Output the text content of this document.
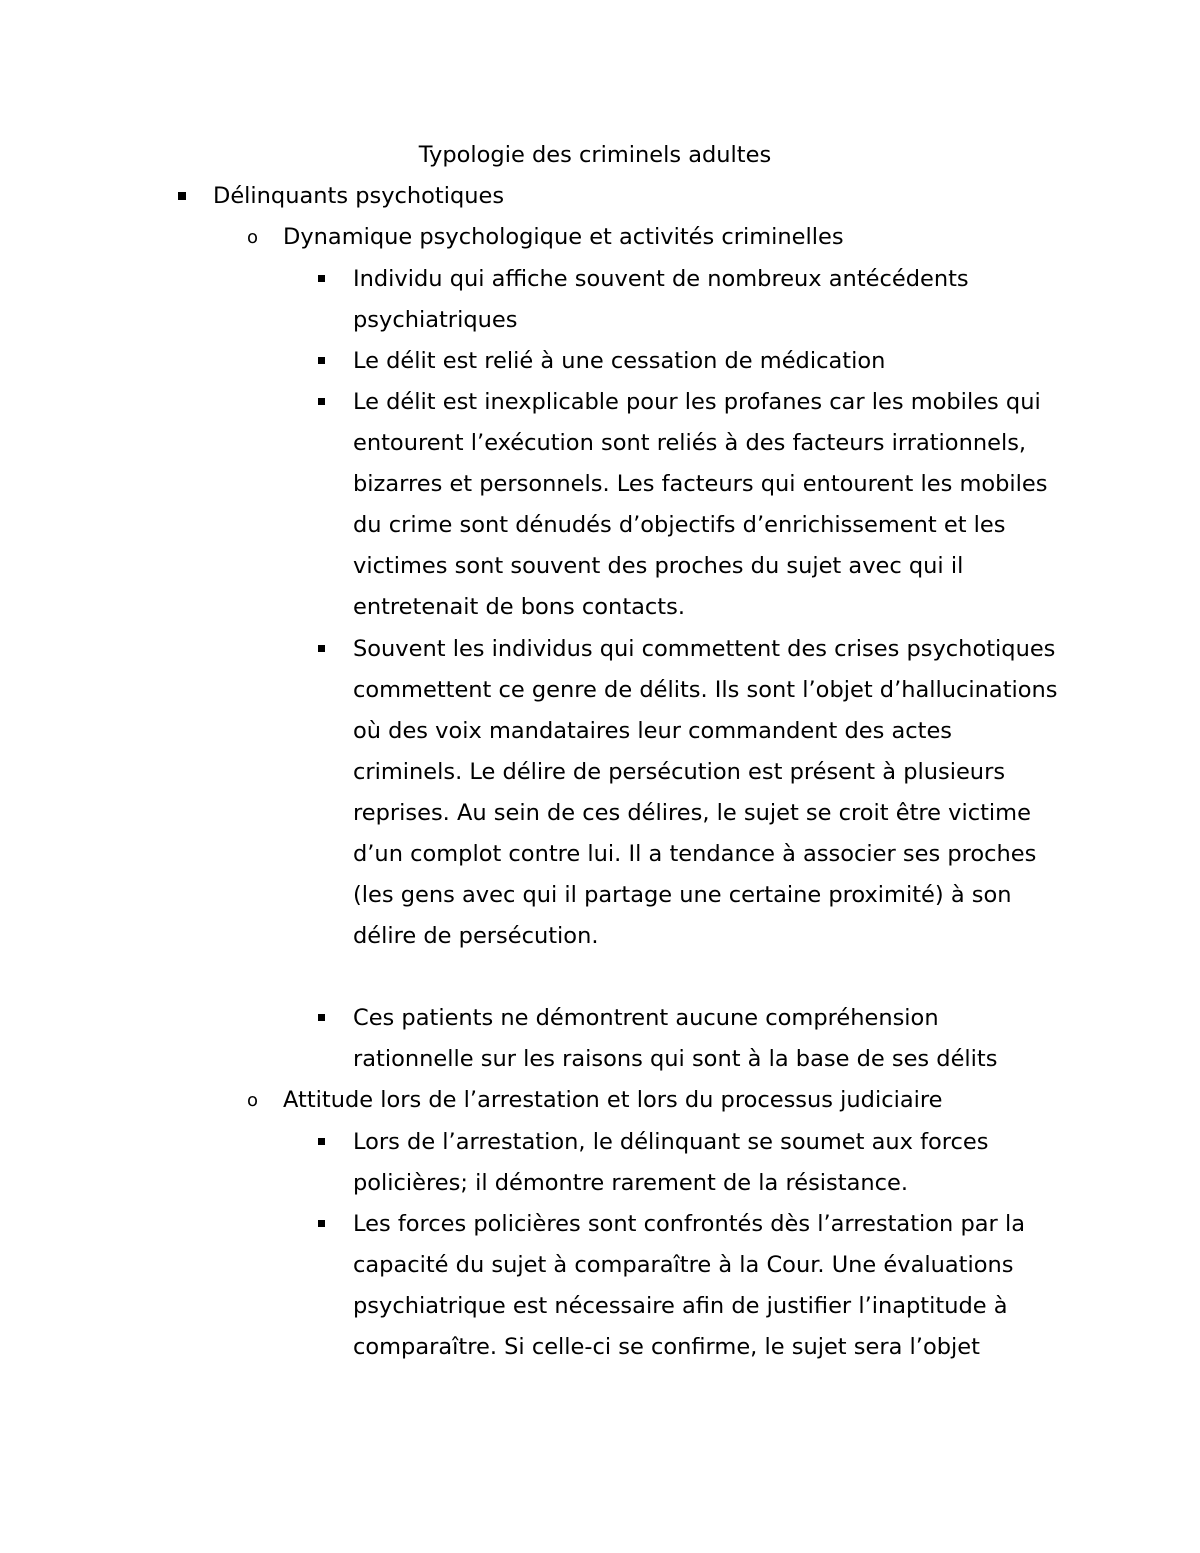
Typologie des criminels adultes

Délinquants psychotiques

o Dynamique psychologique et activités criminelles

Individu qui affiche souvent de nombreux antécédents psychiatriques

Le délit est relié à une cessation de médication

Le délit est inexplicable pour les profanes car les mobiles qui entourent l’exécution sont reliés à des facteurs irrationnels, bizarres et personnels. Les facteurs qui entourent les mobiles du crime sont dénudés d’objectifs d’enrichissement et les victimes sont souvent des proches du sujet avec qui il entretenait de bons contacts.

Souvent les individus qui commettent des crises psychotiques commettent ce genre de délits. Ils sont l’objet d’hallucinations où des voix mandataires leur commandent des actes criminels. Le délire de persécution est présent à plusieurs reprises. Au sein de ces délires, le sujet se croit être victime d’un complot contre lui. Il a tendance à associer ses proches (les gens avec qui il partage une certaine proximité) à son délire de persécution.

Ces patients ne démontrent aucune compréhension rationnelle sur les raisons qui sont à la base de ses délits

o Attitude lors de l’arrestation et lors du processus judiciaire

Lors de l’arrestation, le délinquant se soumet aux forces policières; il démontre rarement de la résistance.

Les forces policières sont confrontés dès l’arrestation par la capacité du sujet à comparaître à la Cour. Une évaluations psychiatrique est nécessaire afin de justifier l’inaptitude à comparaître. Si celle-ci se confirme, le sujet sera l’objet
